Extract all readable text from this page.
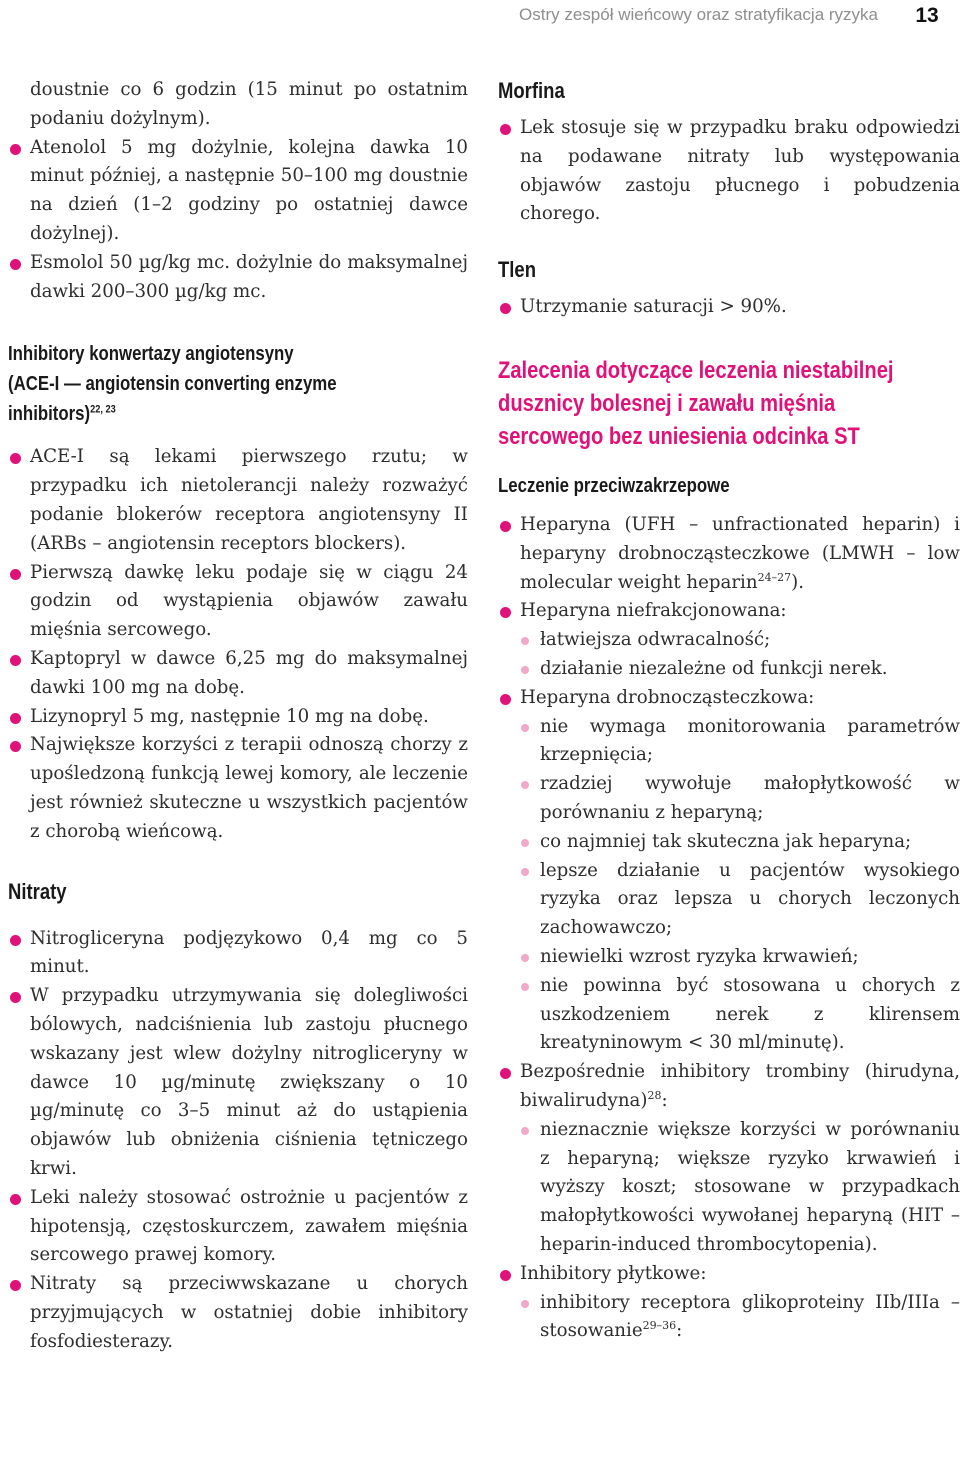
Ostry zespół wieńcowy oraz stratyfikacja ryzyka	13

doustnie co 6 godzin (15 minut po ostatnim podaniu dożylnym).

Atenolol 5 mg dożylnie, kolejna dawka 10 minut później, a następnie 50–100 mg doustnie na dzień (1–2 godziny po ostatniej dawce dożylnej).

Esmolol 50 µg/kg mc. dożylnie do maksymalnej dawki 200–300 µg/kg mc.

Inhibitory konwertazy angiotensyny
(ACE-I — angiotensin converting enzyme
inhibitors)$^{22, 23}$

ACE-I są lekami pierwszego rzutu; w przypadku ich nietolerancji należy rozważyć podanie blokerów receptora angiotensyny II (ARBs – angiotensin receptors blockers).

Pierwszą dawkę leku podaje się w ciągu 24 godzin od wystąpienia objawów zawału mięśnia sercowego.

Kaptopryl w dawce 6,25 mg do maksymalnej dawki 100 mg na dobę.

Lizynopryl 5 mg, następnie 10 mg na dobę.

Największe korzyści z terapii odnoszą chorzy z upośledzoną funkcją lewej komory, ale leczenie jest również skuteczne u wszystkich pacjentów z chorobą wieńcową.

Nitraty

Nitrogliceryna podjęzykowo 0,4 mg co 5 minut.

W przypadku utrzymywania się dolegliwości bólowych, nadciśnienia lub zastoju płucnego wskazany jest wlew dożylny nitrogliceryny w dawce 10 µg/minutę zwiększany o 10 µg/minutę co 3–5 minut aż do ustąpienia objawów lub obniżenia ciśnienia tętniczego krwi.

Leki należy stosować ostrożnie u pacjentów z hipotensją, częstoskurczem, zawałem mięśnia sercowego prawej komory.

Nitraty są przeciwwskazane u chorych przyjmujących w ostatniej dobie inhibitory fosfodiesterazy.

Morfina

Lek stosuje się w przypadku braku odpowiedzi na podawane nitraty lub występowania objawów zastoju płucnego i pobudzenia chorego.

Tlen

Utrzymanie saturacji > 90%.

Zalecenia dotyczące leczenia niestabilnej
dusznicy bolesnej i zawału mięśnia
sercowego bez uniesienia odcinka ST
Leczenie przeciwzakrzepowe

Heparyna (UFH – unfractionated heparin) i heparyny drobnocząsteczkowe (LMWH – low molecular weight heparin$^{24-27}$).

Heparyna niefrakcjonowana:

łatwiejsza odwracalność;

działanie niezależne od funkcji nerek.

Heparyna drobnocząsteczkowa:

nie wymaga monitorowania parametrów krzepnięcia;

rzadziej wywołuje małopłytkowość w porównaniu z heparyną;

co najmniej tak skuteczna jak heparyna;

lepsze działanie u pacjentów wysokiego ryzyka oraz lepsza u chorych leczonych zachowawczo;

niewielki wzrost ryzyka krwawień;

nie powinna być stosowana u chorych z uszkodzeniem nerek z klirensem kreatyninowym < 30 ml/minutę).

Bezpośrednie inhibitory trombiny (hirudyna, biwalirudyna)$^{28}$:

nieznacznie większe korzyści w porównaniu z heparyną; większe ryzyko krwawień i wyższy koszt; stosowane w przypadkach małopłytkowości wywołanej heparyną (HIT – heparin-induced thrombocytopenia).

Inhibitory płytkowe:

inhibitory receptora glikoproteiny IIb/IIIa – stosowanie$^{29-36}$:
